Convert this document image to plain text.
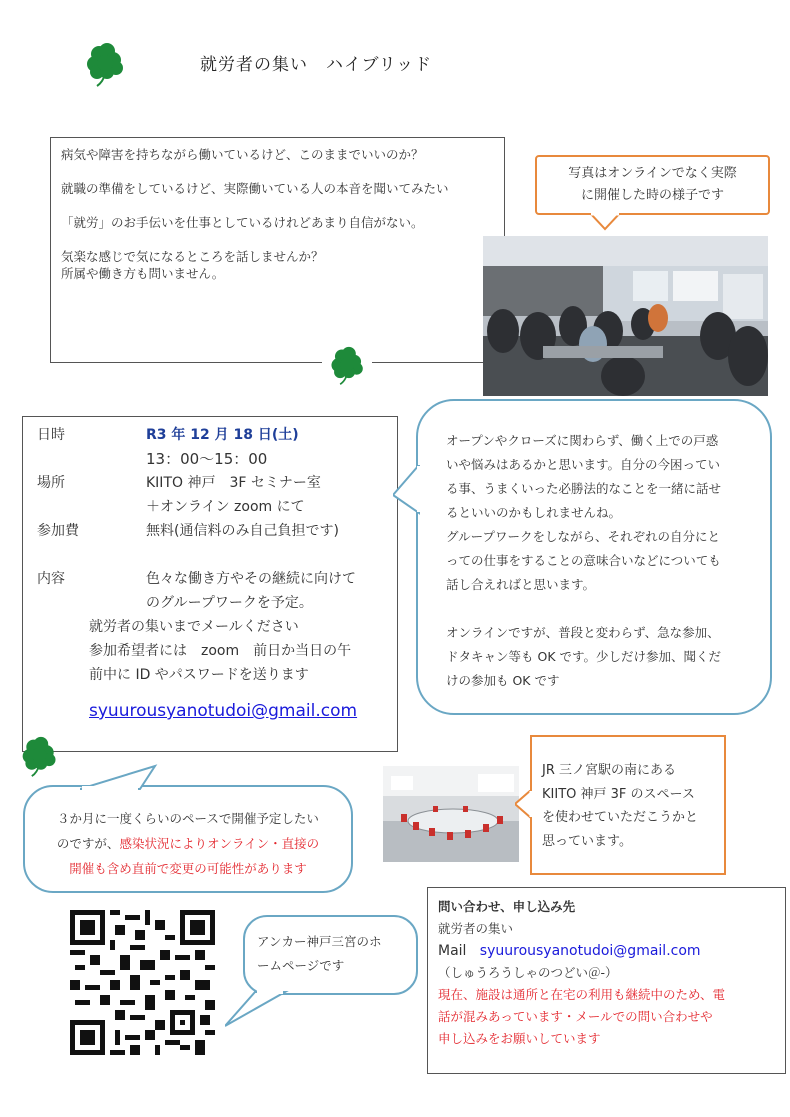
就労者の集い　ハイブリッド

病気や障害を持ちながら働いているけど、このままでいいのか？

就職の準備をしているけど、実際働いている人の本音を聞いてみたい

「就労」のお手伝いを仕事としているけれどあまり自信がない。

気楽な感じで気になるところを話しませんか？

所属や働き方も問いません。

写真はオンラインでなく実際
に開催した時の様子です
日時	R3 年 12 月 18 日(土)
13：00～15：00
場所	KIITO 神戸　3F セミナー室
＋オンライン zoom にて
参加費	無料(通信料のみ自己負担です)
内容	色々な働き方やその継続に向けて
のグループワークを予定。
就労者の集いまでメールください
参加希望者には　zoom　前日か当日の午
前中に ID やパスワードを送ります
syuurousyanotudoi@gmail.com
オープンやクローズに関わらず、働く上での戸惑
いや悩みはあるかと思います。自分の今困ってい
る事、うまくいった必勝法的なことを一緒に話せ
るといいのかもしれませんね。
グループワークをしながら、それぞれの自分にと
っての仕事をすることの意味合いなどについても
話し合えればと思います。
オンラインですが、普段と変わらず、急な参加、
ドタキャン等も OK です。少しだけ参加、聞くだ
けの参加も OK です
３か月に一度くらいのペースで開催予定したい
のですが、感染状況によりオンライン・直接の
開催も含め直前で変更の可能性があります
JR 三ノ宮駅の南にある
KIITO 神戸 3F のスペース
を使わせていただこうかと
思っています。
アンカー神戸三宮のホ
ームページです
問い合わせ、申し込み先
就労者の集い
Mail syuurousyanotudoi@gmail.com
（しゅうろうしゃのつどい＠-）
現在、施設は通所と在宅の利用も継続中のため、電
話が混みあっています・メールでの問い合わせや
申し込みをお願いしています
